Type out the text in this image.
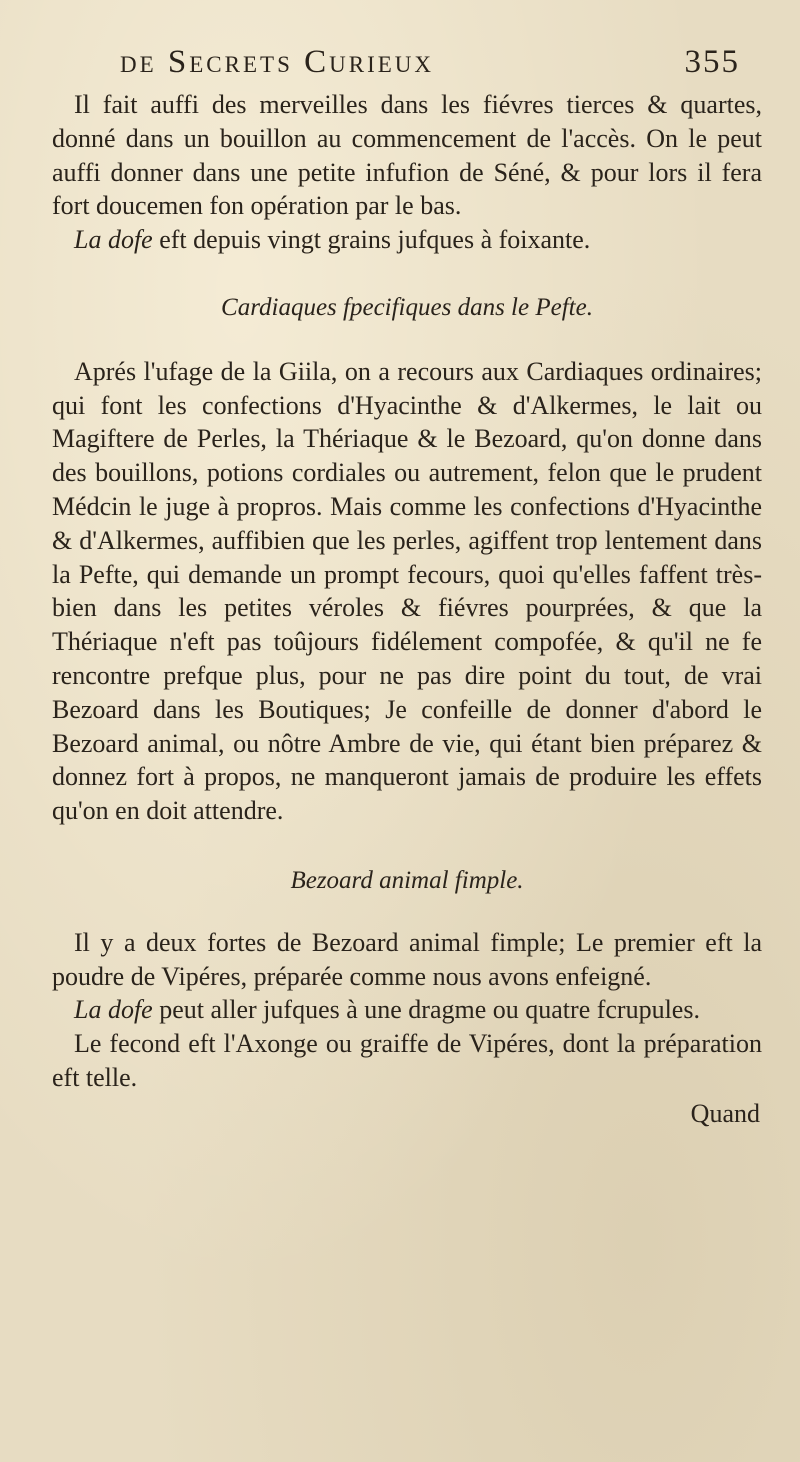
de Secrets Curieux	355

Il fait auffi des merveilles dans les fiévres tierces & quartes, donné dans un bouillon au commencement de l'accès. On le peut auffi donner dans une petite infufion de Séné, & pour lors il fera fort doucemen fon opération par le bas.

La dofe eft depuis vingt grains jufques à foixante.

Cardiaques fpecifiques dans le Pefte.

Aprés l'ufage de la Giila, on a recours aux Cardiaques ordinaires; qui font les confections d'Hyacinthe & d'Alkermes, le lait ou Magiftere de Perles, la Thériaque & le Bezoard, qu'on donne dans des bouillons, potions cordiales ou autrement, felon que le prudent Médcin le juge à propros. Mais comme les confections d'Hyacinthe & d'Alkermes, auffibien que les perles, agiffent trop lentement dans la Pefte, qui demande un prompt fecours, quoi qu'elles faffent très-bien dans les petites véroles & fiévres pourprées, & que la Thériaque n'eft pas toûjours fidélement compofée, & qu'il ne fe rencontre prefque plus, pour ne pas dire point du tout, de vrai Bezoard dans les Boutiques; Je confeille de donner d'abord le Bezoard animal, ou nôtre Ambre de vie, qui étant bien préparez & donnez fort à propos, ne manqueront jamais de produire les effets qu'on en doit attendre.

Bezoard animal fimple.

Il y a deux fortes de Bezoard animal fimple; Le premier eft la poudre de Vipéres, préparée comme nous avons enfeigné.

La dofe peut aller jufques à une dragme ou quatre fcrupules.

Le fecond eft l'Axonge ou graiffe de Vipéres, dont la préparation eft telle.

Quand
